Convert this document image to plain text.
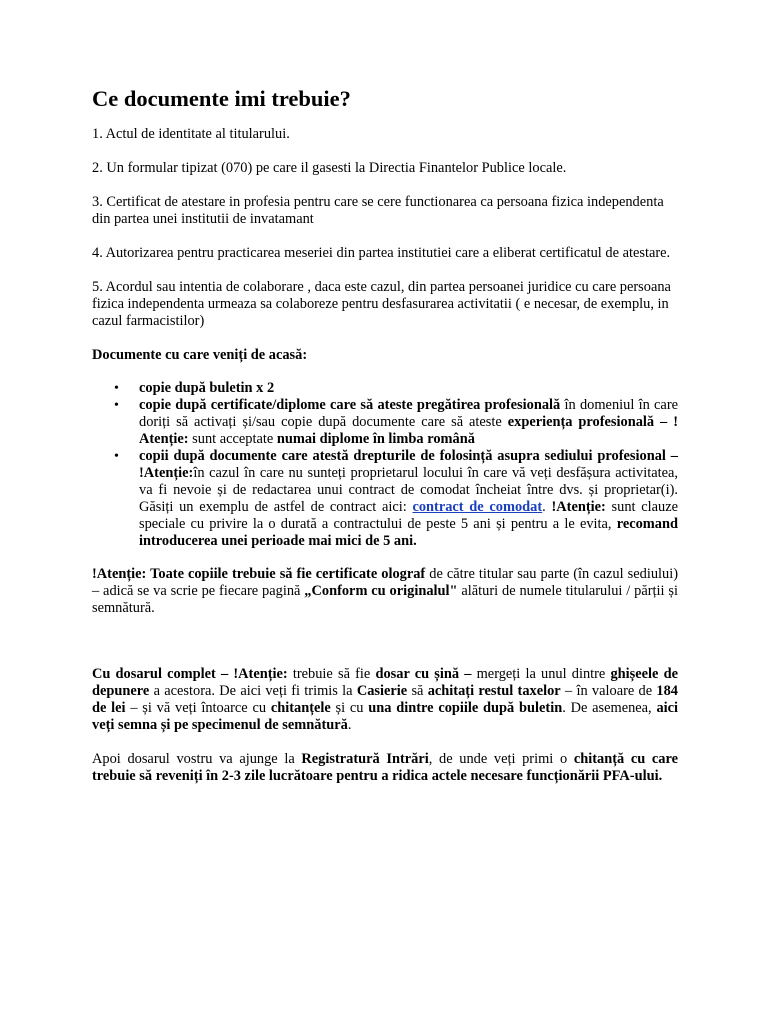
Ce documente imi trebuie?

1. Actul de identitate al titularului.

2. Un formular tipizat (070) pe care il gasesti la Directia Finantelor Publice locale.

3. Certificat de atestare in profesia pentru care se cere functionarea ca persoana fizica independenta din partea unei institutii de invatamant

4. Autorizarea pentru practicarea meseriei din partea institutiei care a eliberat certificatul de atestare.

5. Acordul sau intentia de colaborare , daca este cazul, din partea persoanei juridice cu care persoana fizica independenta urmeaza sa colaboreze pentru desfasurarea activitatii ( e necesar, de exemplu, in cazul farmacistilor)

Documente cu care veniți de acasă:
• copie după buletin x 2
• copie după certificate/diplome care să ateste pregătirea profesională în domeniul în care doriți să activați și/sau copie după documente care să ateste experiența profesională – ! Atenție: sunt acceptate numai diplome în limba română
• copii după documente care atestă drepturile de folosință asupra sediului profesional – !Atenție:în cazul în care nu sunteți proprietarul locului în care vă veți desfășura activitatea, va fi nevoie și de redactarea unui contract de comodat încheiat între dvs. și proprietar(i). Găsiți un exemplu de astfel de contract aici: contract de comodat. !Atenție: sunt clauze speciale cu privire la o durată a contractului de peste 5 ani și pentru a le evita, recomand introducerea unei perioade mai mici de 5 ani.

!Atenție: Toate copiile trebuie să fie certificate olograf de către titular sau parte (în cazul sediului) – adică se va scrie pe fiecare pagină „Conform cu originalul" alături de numele titularului / părții și semnătură.

Cu dosarul complet – !Atenție: trebuie să fie dosar cu șină – mergeți la unul dintre ghișeele de depunere a acestora. De aici veți fi trimis la Casierie să achitați restul taxelor – în valoare de 184 de lei – și vă veți întoarce cu chitanțele și cu una dintre copiile după buletin. De asemenea, aici veți semna și pe specimenul de semnătură.

Apoi dosarul vostru va ajunge la Registratură Intrări, de unde veți primi o chitanță cu care trebuie să reveniți în 2-3 zile lucrătoare pentru a ridica actele necesare funcționării PFA-ului.
